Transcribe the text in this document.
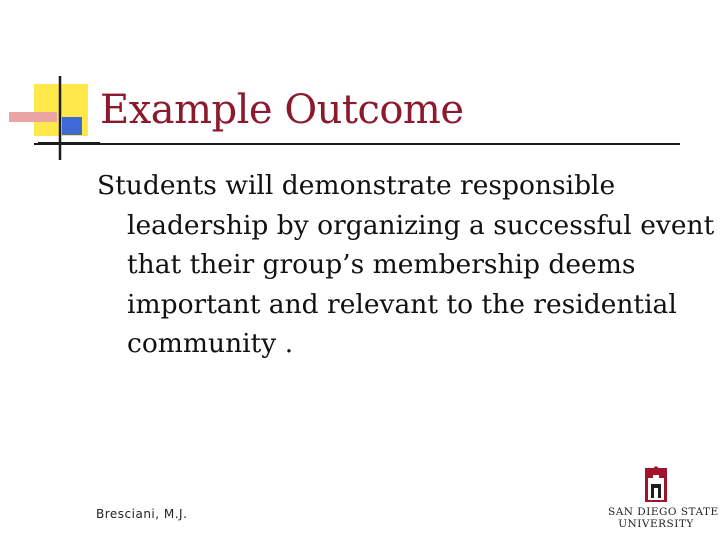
Example Outcome
Students will demonstrate responsible leadership by organizing a successful event that their group’s membership deems important and relevant to the residential community .
Bresciani, M.J.	SAN DIEGO STATE
UNIVERSITY
